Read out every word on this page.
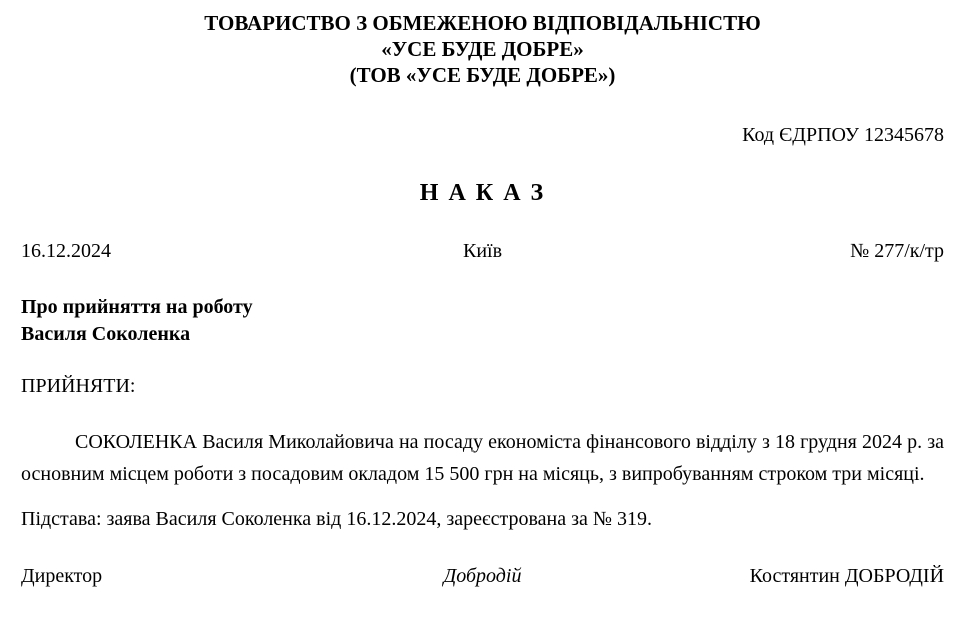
ТОВАРИСТВО З ОБМЕЖЕНОЮ ВІДПОВІДАЛЬНІСТЮ
«УСЕ БУДЕ ДОБРЕ»
(ТОВ «УСЕ БУДЕ ДОБРЕ»)
Код ЄДРПОУ 12345678
Н А К А З
16.12.2024	Київ	№ 277/к/тр
Про прийняття на роботу
Василя Соколенка
ПРИЙНЯТИ:

СОКОЛЕНКА Василя Миколайовича на посаду економіста фінансового відділу з 18 грудня 2024 р. за основним місцем роботи з посадовим окладом 15 500 грн на місяць, з випробуванням строком три місяці.

Підстава: заява Василя Соколенка від 16.12.2024, зареєстрована за № 319.

Директор	Добродій	Костянтин ДОБРОДІЙ
